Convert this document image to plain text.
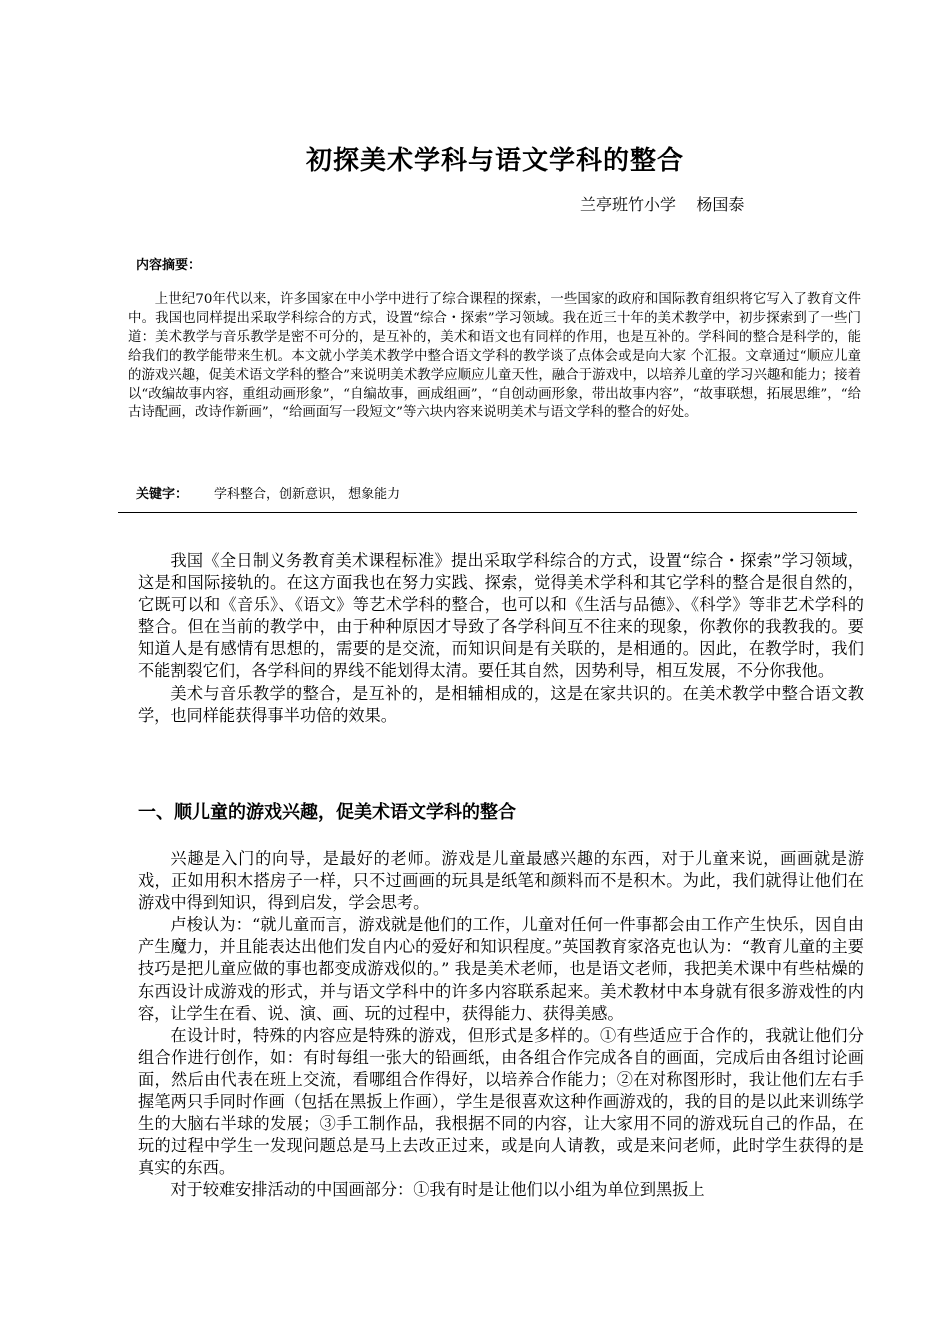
初探美术学科与语文学科的整合
兰亭班竹小学    杨国泰
内容摘要：

上世纪70年代以来，许多国家在中小学中进行了综合课程的探索，一些国家的政府和国际教育组织将它写入了教育文件中。我国也同样提出采取学科综合的方式，设置“综合・探索”学习领域。我在近三十年的美术教学中，初步探索到了一些门道：美术教学与音乐教学是密不可分的，是互补的，美术和语文也有同样的作用，也是互补的。学科间的整合是科学的，能给我们的教学能带来生机。本文就小学美术教学中整合语文学科的教学谈了点体会或是向大家 个汇报。文章通过“顺应儿童的游戏兴趣，促美术语文学科的整合”来说明美术教学应顺应儿童天性，融合于游戏中，以培养儿童的学习兴趣和能力；接着以“改编故事内容，重组动画形象”，“自编故事，画成组画”，“自创动画形象，带出故事内容”，“故事联想，拓展思维”，“给古诗配画，改诗作新画”，“给画面写一段短文”等六块内容来说明美术与语文学科的整合的好处。

关键字： 学科整合，创新意识， 想象能力

我国《全日制义务教育美术课程标准》提出采取学科综合的方式，设置“综合・探索”学习领域，这是和国际接轨的。在这方面我也在努力实践、探索，觉得美术学科和其它学科的整合是很自然的，它既可以和《音乐》、《语文》等艺术学科的整合，也可以和《生活与品德》、《科学》等非艺术学科的整合。但在当前的教学中，由于种种原因才导致了各学科间互不往来的现象，你教你的我教我的。要知道人是有感情有思想的，需要的是交流，而知识间是有关联的，是相通的。因此，在教学时，我们不能割裂它们，各学科间的界线不能划得太清。要任其自然，因势利导，相互发展，不分你我他。

美术与音乐教学的整合，是互补的，是相辅相成的，这是在家共识的。在美术教学中整合语文教学，也同样能获得事半功倍的效果。

一、顺儿童的游戏兴趣，促美术语文学科的整合

兴趣是入门的向导，是最好的老师。游戏是儿童最感兴趣的东西，对于儿童来说，画画就是游戏，正如用积木搭房子一样，只不过画画的玩具是纸笔和颜料而不是积木。为此，我们就得让他们在游戏中得到知识，得到启发，学会思考。

卢梭认为：“就儿童而言，游戏就是他们的工作，儿童对任何一件事都会由工作产生快乐，因自由产生魔力，并且能表达出他们发自内心的爱好和知识程度。”英国教育家洛克也认为：“教育儿童的主要技巧是把儿童应做的事也都变成游戏似的。” 我是美术老师，也是语文老师，我把美术课中有些枯燥的东西设计成游戏的形式，并与语文学科中的许多内容联系起来。美术教材中本身就有很多游戏性的内容，让学生在看、说、演、画、玩的过程中，获得能力、获得美感。

在设计时，特殊的内容应是特殊的游戏，但形式是多样的。①有些适应于合作的，我就让他们分组合作进行创作，如：有时每组一张大的铅画纸，由各组合作完成各自的画面，完成后由各组讨论画面，然后由代表在班上交流，看哪组合作得好，以培养合作能力；②在对称图形时，我让他们左右手握笔两只手同时作画（包括在黑扳上作画），学生是很喜欢这种作画游戏的，我的目的是以此来训练学生的大脑右半球的发展；③手工制作品，我根据不同的内容，让大家用不同的游戏玩自己的作品，在玩的过程中学生一发现问题总是马上去改正过来，或是向人请教，或是来问老师，此时学生获得的是真实的东西。

对于较难安排活动的中国画部分：①我有时是让他们以小组为单位到黑扳上
